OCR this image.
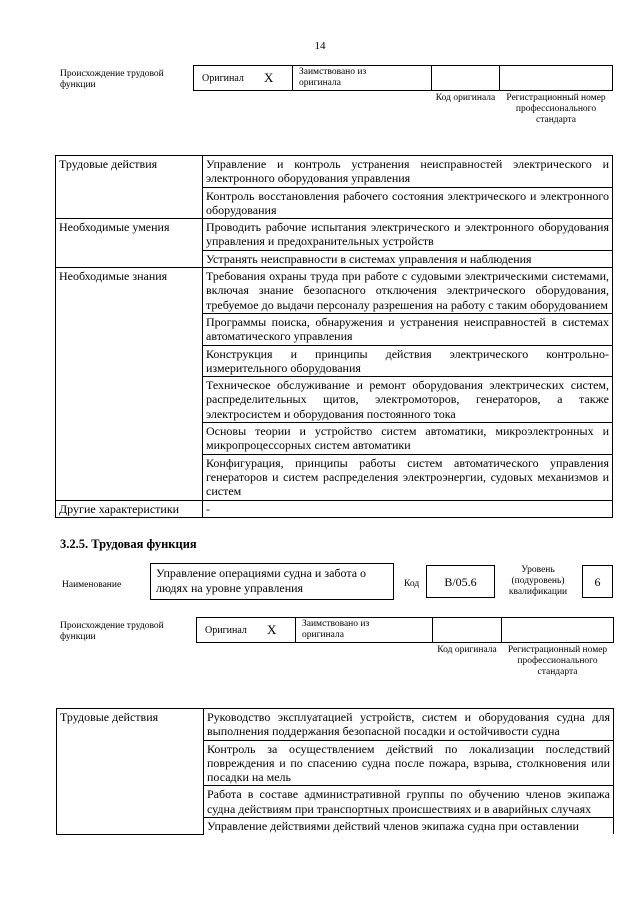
14
Происхождение трудовой функции
Оригинал X	Заимствовано из оригинала
Код оригинала	Регистрационный номер профессионального стандарта
Трудовые действия	Управление и контроль устранения неисправностей электрического и электронного оборудования управления
	Контроль восстановления рабочего состояния электрического и электронного оборудования
Необходимые умения	Проводить рабочие испытания электрического и электронного оборудования управления и предохранительных устройств
	Устранять неисправности в системах управления и наблюдения
Необходимые знания	Требования охраны труда при работе с судовыми электрическими системами, включая знание безопасного отключения электрического оборудования, требуемое до выдачи персоналу разрешения на работу с таким оборудованием
	Программы поиска, обнаружения и устранения неисправностей в системах автоматического управления
	Конструкция и принципы действия электрического контрольно-измерительного оборудования
	Техническое обслуживание и ремонт оборудования электрических систем, распределительных щитов, электромоторов, генераторов, а также электросистем и оборудования постоянного тока
	Основы теории и устройство систем автоматики, микроэлектронных и микропроцессорных систем автоматики
	Конфигурация, принципы работы систем автоматического управления генераторов и систем распределения электроэнергии, судовых механизмов и систем
Другие характеристики	-
3.2.5. Трудовая функция
Наименование
Управление операциями судна и забота о людях на уровне управления	Код	B/05.6
Уровень (подуровень) квалификации
6
Происхождение трудовой функции
Оригинал X	Заимствовано из оригинала
Код оригинала	Регистрационный номер профессионального стандарта
Трудовые действия	Руководство эксплуатацией устройств, систем и оборудования судна для выполнения поддержания безопасной посадки и остойчивости судна
Контроль за осуществлением действий по локализации последствий повреждения и по спасению судна после пожара, взрыва, столкновения или посадки на мель
Работа в составе административной группы по обучению членов экипажа судна действиям при транспортных происшествиях и в аварийных случаях
Управление действиями действий членов экипажа судна при оставлении
